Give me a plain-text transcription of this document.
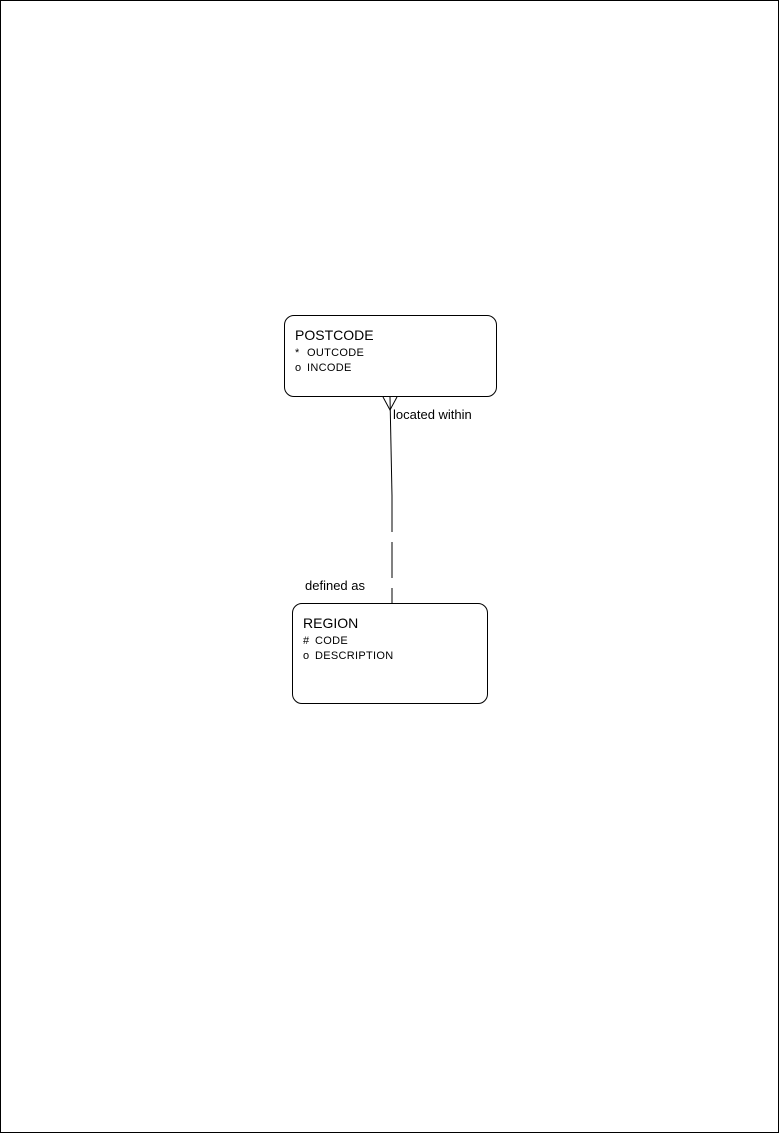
POSTCODE
* OUTCODE
o INCODE
REGION
# CODE
o DESCRIPTION
located within
defined as
